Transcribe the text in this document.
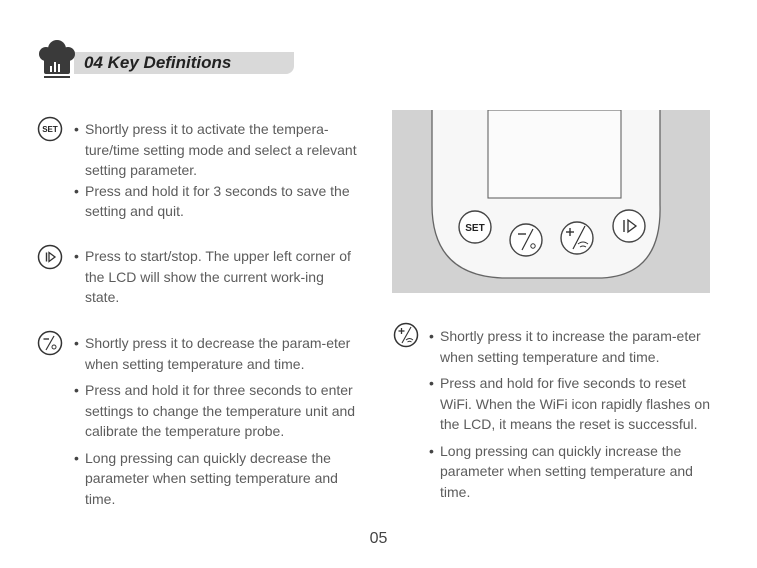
04 Key Definitions
SET

•	Shortly press it to activate the tempera-ture/time setting mode and select a relevant setting parameter.

• Press and hold it for 3 seconds to save the setting and quit.

• Press to start/stop. The upper left corner of the LCD will show the current work-ing state.

• Shortly press it to decrease the param-eter when setting temperature and time.

• Press and hold it for three seconds to enter settings to change the temperature unit and calibrate the temperature probe.

• Long pressing can quickly decrease the parameter when setting temperature and time.

SET

• Shortly press it to increase the param-eter when setting temperature and time.

• Press and hold for five seconds to reset WiFi. When the WiFi icon rapidly flashes on the LCD, it means the reset is successful.

• Long pressing can quickly increase the parameter when setting temperature and time.

05
